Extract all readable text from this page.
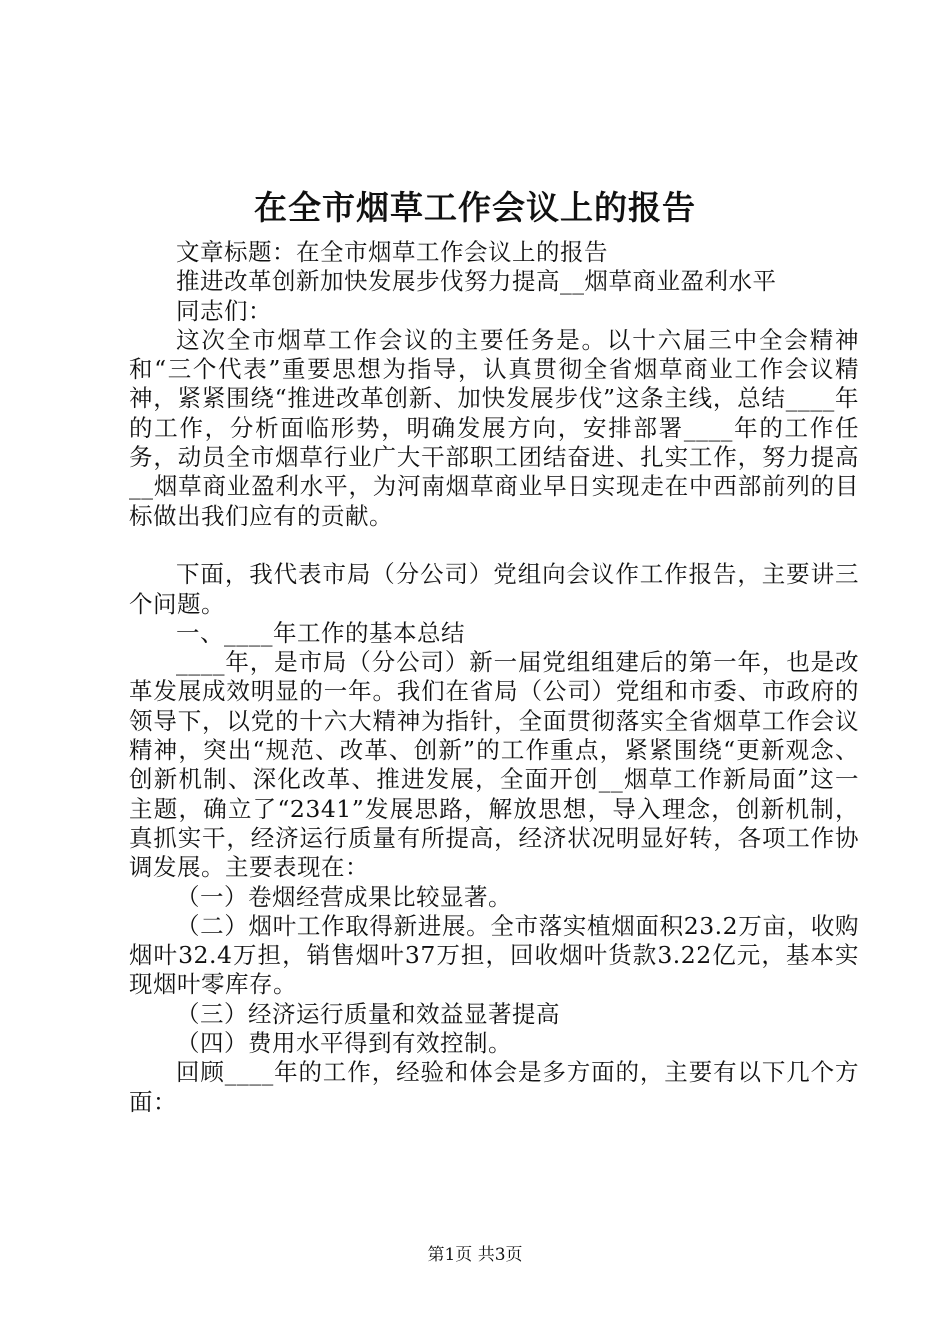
在全市烟草工作会议上的报告

文章标题：在全市烟草工作会议上的报告

推进改革创新加快发展步伐努力提高__烟草商业盈利水平

同志们：

这次全市烟草工作会议的主要任务是。以十六届三中全会精神和“三个代表”重要思想为指导，认真贯彻全省烟草商业工作会议精神，紧紧围绕“推进改革创新、加快发展步伐”这条主线，总结____年的工作，分析面临形势，明确发展方向，安排部署____年的工作任务，动员全市烟草行业广大干部职工团结奋进、扎实工作，努力提高__烟草商业盈利水平，为河南烟草商业早日实现走在中西部前列的目标做出我们应有的贡献。

下面，我代表市局（分公司）党组向会议作工作报告，主要讲三个问题。

一、____年工作的基本总结

____年，是市局（分公司）新一届党组组建后的第一年，也是改革发展成效明显的一年。我们在省局（公司）党组和市委、市政府的领导下，以党的十六大精神为指针，全面贯彻落实全省烟草工作会议精神，突出“规范、改革、创新”的工作重点，紧紧围绕“更新观念、创新机制、深化改革、推进发展，全面开创__烟草工作新局面”这一主题，确立了“2341”发展思路，解放思想，导入理念，创新机制，真抓实干，经济运行质量有所提高，经济状况明显好转，各项工作协调发展。主要表现在：

（一）卷烟经营成果比较显著。

（二）烟叶工作取得新进展。全市落实植烟面积23.2万亩，收购烟叶32.4万担，销售烟叶37万担，回收烟叶货款3.22亿元，基本实现烟叶零库存。

（三）经济运行质量和效益显著提高

（四）费用水平得到有效控制。

回顾____年的工作，经验和体会是多方面的，主要有以下几个方面：

第1页 共3页
